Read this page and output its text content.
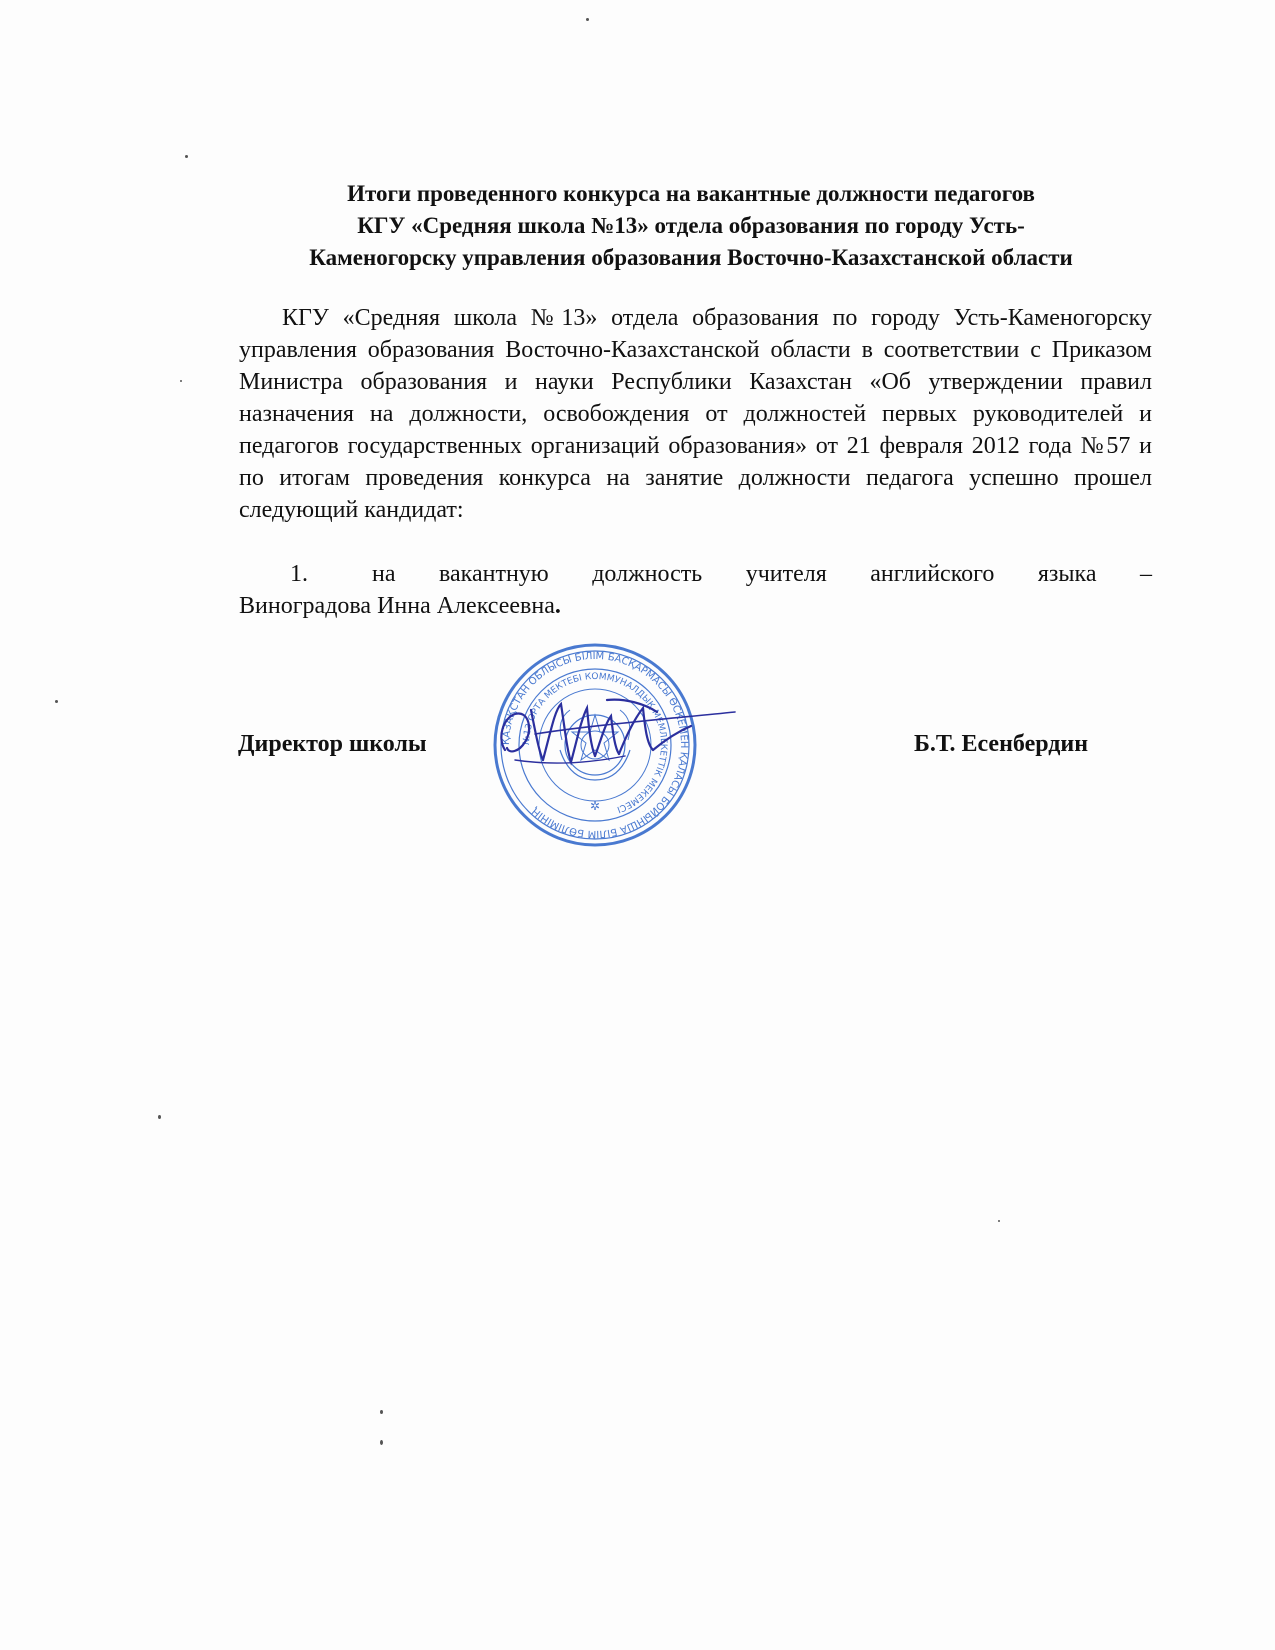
Итоги проведенного конкурса на вакантные должности педагогов
КГУ «Средняя школа №13» отдела образования по городу Усть-
Каменогорску управления образования Восточно-Казахстанской области

КГУ «Средняя школа №13» отдела образования по городу Усть-Каменогорску управления образования Восточно-Казахстанской области в соответствии с Приказом Министра образования и науки Республики Казахстан «Об утверждении правил назначения на должности, освобождения от должностей первых руководителей и педагогов государственных организаций образования» от 21 февраля 2012 года №57 и по итогам проведения конкурса на занятие должности педагога успешно прошел следующий кандидат:

1.	на вакантную должность учителя английского языка –
Виноградова Инна Алексеевна.
Директор школы	Б.Т. Есенбердин
ҚАЗАҚСТАН ОБЛЫСЫ БІЛІМ БАСҚАРМАСЫ ӨСКЕМЕН ҚАЛАСЫ БОЙЫНША БІЛІМ БӨЛІМІНІҢ
№13 ОРТА МЕКТЕБІ КОММУНАЛДЫҚ МЕМЛЕКЕТТІК МЕКЕМЕСІ
✲
